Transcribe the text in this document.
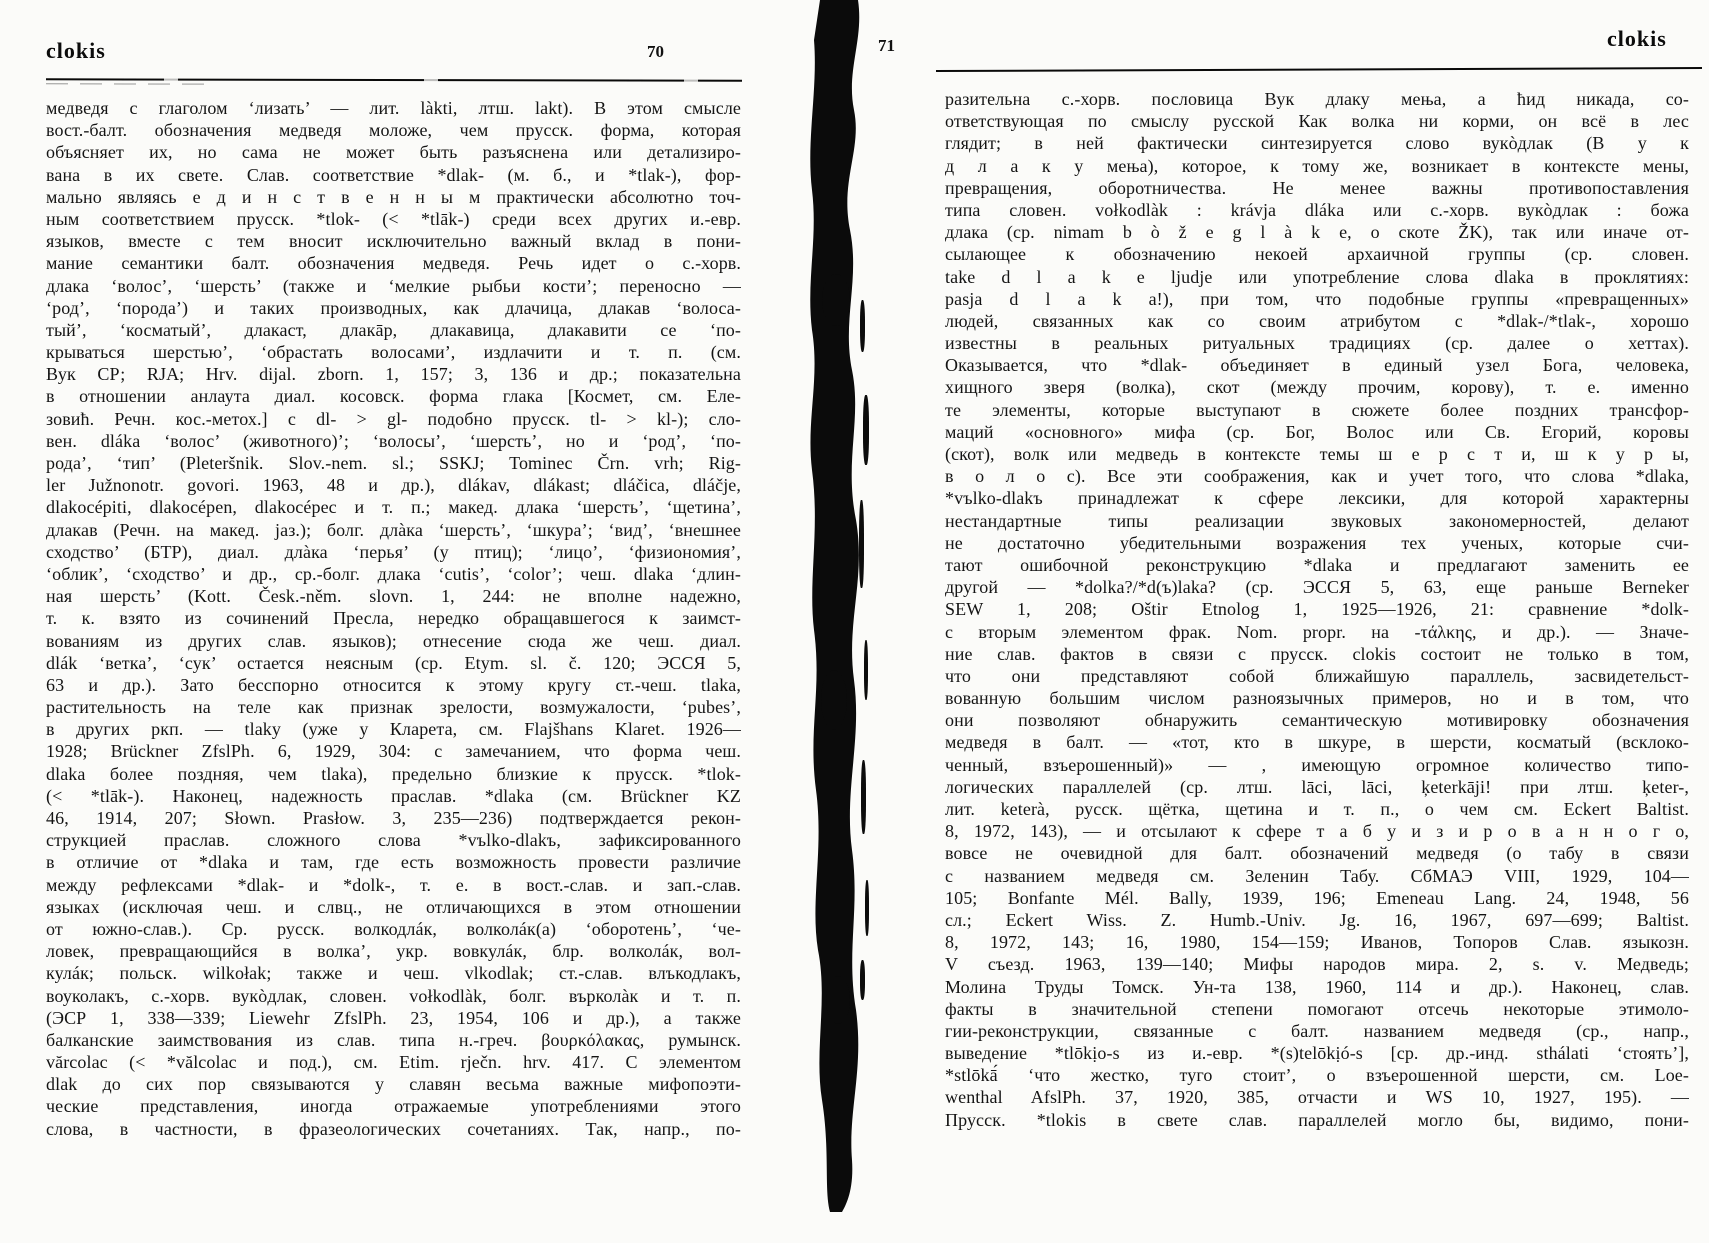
clokis	70
медведя с глаголом ‘лизать’ — лит. làkti, лтш. lakt). В этом смысле
вост.-балт. обозначения медведя моложе, чем прусск. форма, которая
объясняет их, но сама не может быть разъяснена или детализиро-
вана в их свете. Слав. соответствие *dlak- (м. б., и *tlak-), фор-
мально являясь е д и н с т в е н н ы м практически абсолютно точ-
ным соответствием прусск. *tlok- (< *tlāk-) среди всех других и.-евр.
языков, вместе с тем вносит исключительно важный вклад в пони-
мание семантики балт. обозначения медведя. Речь идет о с.-хорв.
длака ‘волос’, ‘шерсть’ (также и ‘мелкие рыбьи кости’; переносно —
‘род’, ‘порода’) и таких производных, как длачица, длакав ‘волоса-
тый’, ‘косматый’, длакаст, длакāр, длакавица, длакавити се ‘по-
крываться шерстью’, ‘обрастать волосами’, издлачити и т. п. (см.
Вук СР; RJA; Hrv. dijal. zborn. 1, 157; 3, 136 и др.; показательна
в отношении анлаута диал. косовск. форма глака [Космет, см. Еле-
зовић. Речн. кос.-метох.] с dl- > gl- подобно прусск. tl- > kl-); сло-
вен. dláka ‘волос’ (животного)’; ‘волосы’, ‘шерсть’, но и ‘род’, ‘по-
рода’, ‘тип’ (Pleteršnik. Slov.-nem. sl.; SSKJ; Tominec Črn. vrh; Rig-
ler Južnonotr. govori. 1963, 48 и др.), dlákav, dlákast; dláčica, dláčje,
dlakocépiti, dlakocépen, dlakocépec и т. п.; макед. длака ‘шерсть’, ‘щетина’,
длакав (Речн. на макед. jаз.); болг. длàка ‘шерсть’, ‘шкура’; ‘вид’, ‘внешнее
сходство’ (БТР), диал. длàка ‘перья’ (у птиц); ‘лицо’, ‘физиономия’,
‘облик’, ‘сходство’ и др., ср.-болг. длака ‘cutis’, ‘color’; чеш. dlaka ‘длин-
ная шерсть’ (Kott. Česk.-něm. slovn. 1, 244: не вполне надежно,
т. к. взято из сочинений Пресла, нередко обращавшегося к заимст-
вованиям из других слав. языков); отнесение сюда же чеш. диал.
dlák ‘ветка’, ‘сук’ остается неясным (ср. Etym. sl. č. 120; ЭССЯ 5,
63 и др.). Зато бесспорно относится к этому кругу ст.-чеш. tlaka,
растительность на теле как признак зрелости, возмужалости, ‘pubes’,
в других ркп. — tlaky (уже у Кларета, см. Flajšhans Klaret. 1926—
1928; Brückner ZfslPh. 6, 1929, 304: с замечанием, что форма чеш.
dlaka более поздняя, чем tlaka), предельно близкие к прусск. *tlok-
(< *tlāk-). Наконец, надежность праслав. *dlaka (см. Brückner KZ
46, 1914, 207; Słown. Prasłow. 3, 235—236) подтверждается рекон-
струкцией праслав. сложного слова *vъlko-dlakъ, зафиксированного
в отличие от *dlaka и там, где есть возможность провести различие
между рефлексами *dlak- и *dolk-, т. е. в вост.-слав. и зап.-слав.
языках (исключая чеш. и слвц., не отличающихся в этом отношении
от южно-слав.). Ср. русск. волкодлáк, волколáк(а) ‘оборотень’, ‘че-
ловек, превращающийся в волка’, укр. вовкулáк, блр. волколáк, вол-
кулáк; польск. wilkołak; также и чеш. vlkodlak; ст.-слав. влъкодлакъ,
воуколакъ, с.-хорв. вукòдлак, словен. vołkodlàk, болг. върколàк и т. п.
(ЭСР 1, 338—339; Liewehr ZfslPh. 23, 1954, 106 и др.), а также
балканские заимствования из слав. типа н.-греч. βουρκόλακας, румынск.
vărcolac (< *vălcolac и под.), см. Etim. rječn. hrv. 417. С элементом
dlak до сих пор связываются у славян весьма важные мифопоэти-
ческие представления, иногда отражаемые употреблениями этого
слова, в частности, в фразеологических сочетаниях. Так, напр., по-
71	clokis
разительна с.-хорв. пословица Вук длаку мења, а ћид никада, со-
ответствующая по смыслу русской Как волка ни корми, он всё в лес
глядит; в ней фактически синтезируется слово вукòдлак (В у к
д л а к у мења), которое, к тому же, возникает в контексте мены,
превращения, оборотничества. Не менее важны противопоставления
типа словен. vołkodlàk : krávja dláka или с.-хорв. вукòдлак : божа
длака (ср. nimam b ò ž e g l à k e, о скоте ŽK), так или иначе от-
сылающее к обозначению некоей архаичной группы (ср. словен.
take d l a k e ljudje или употребление слова dlaka в проклятиях:
pasja d l a k a!), при том, что подобные группы «превращенных»
людей, связанных как со своим атрибутом с *dlak-/*tlak-, хорошо
известны в реальных ритуальных традициях (ср. далее о хеттах).
Оказывается, что *dlak- объединяет в единый узел Бога, человека,
хищного зверя (волка), скот (между прочим, корову), т. е. именно
те элементы, которые выступают в сюжете более поздних трансфор-
маций «основного» мифа (ср. Бог, Волос или Св. Егорий, коровы
(скот), волк или медведь в контексте темы ш е р с т и, ш к у р ы,
в о л о с). Все эти соображения, как и учет того, что слова *dlaka,
*vъlko-dlakъ принадлежат к сфере лексики, для которой характерны
нестандартные типы реализации звуковых закономерностей, делают
не достаточно убедительными возражения тех ученых, которые счи-
тают ошибочной реконструкцию *dlaka и предлагают заменить ее
другой — *dolka?/*d(ъ)laka? (ср. ЭССЯ 5, 63, еще раньше Berneker
SEW 1, 208; Oštir Etnolog 1, 1925—1926, 21: сравнение *dolk-
с вторым элементом фрак. Nom. propr. на -τάλκης, и др.). — Значе-
ние слав. фактов в связи с прусск. clokis состоит не только в том,
что они представляют собой ближайшую параллель, засвидетельст-
вованную большим числом разноязычных примеров, но и в том, что
они позволяют обнаружить семантическую мотивировку обозначения
медведя в балт. — «тот, кто в шкуре, в шерсти, косматый (всклоко-
ченный, взъерошенный)» — , имеющую огромное количество типо-
логических параллелей (ср. лтш. lāci, lāci, ķeterkāji! при лтш. ķeter-,
лит. keterà, русск. щётка, щетина и т. п., о чем см. Eckert Baltist.
8, 1972, 143), — и отсылают к сфере т а б у и з и р о в а н н о г о,
вовсе не очевидной для балт. обозначений медведя (о табу в связи
с названием медведя см. Зеленин Табу. СбМАЭ VIII, 1929, 104—
105; Bonfante Mél. Bally, 1939, 196; Emeneau Lang. 24, 1948, 56
сл.; Eckert Wiss. Z. Humb.-Univ. Jg. 16, 1967, 697—699; Baltist.
8, 1972, 143; 16, 1980, 154—159; Иванов, Топоров Слав. языкозн.
V съезд. 1963, 139—140; Мифы народов мира. 2, s. v. Медведь;
Молина Труды Томск. Ун-та 138, 1960, 114 и др.). Наконец, слав.
факты в значительной степени помогают отсечь некоторые этимоло-
гии-реконструкции, связанные с балт. названием медведя (ср., напр.,
выведение *tlōkịo-s из и.-евр. *(s)telōkịó-s [ср. др.-инд. sthálati ‘стоять’],
*stlōkā́ ‘что жестко, туго стоит’, о взъерошенной шерсти, см. Loe-
wenthal AfslPh. 37, 1920, 385, отчасти и WS 10, 1927, 195). —
Прусск. *tlokis в свете слав. параллелей могло бы, видимо, пони-
